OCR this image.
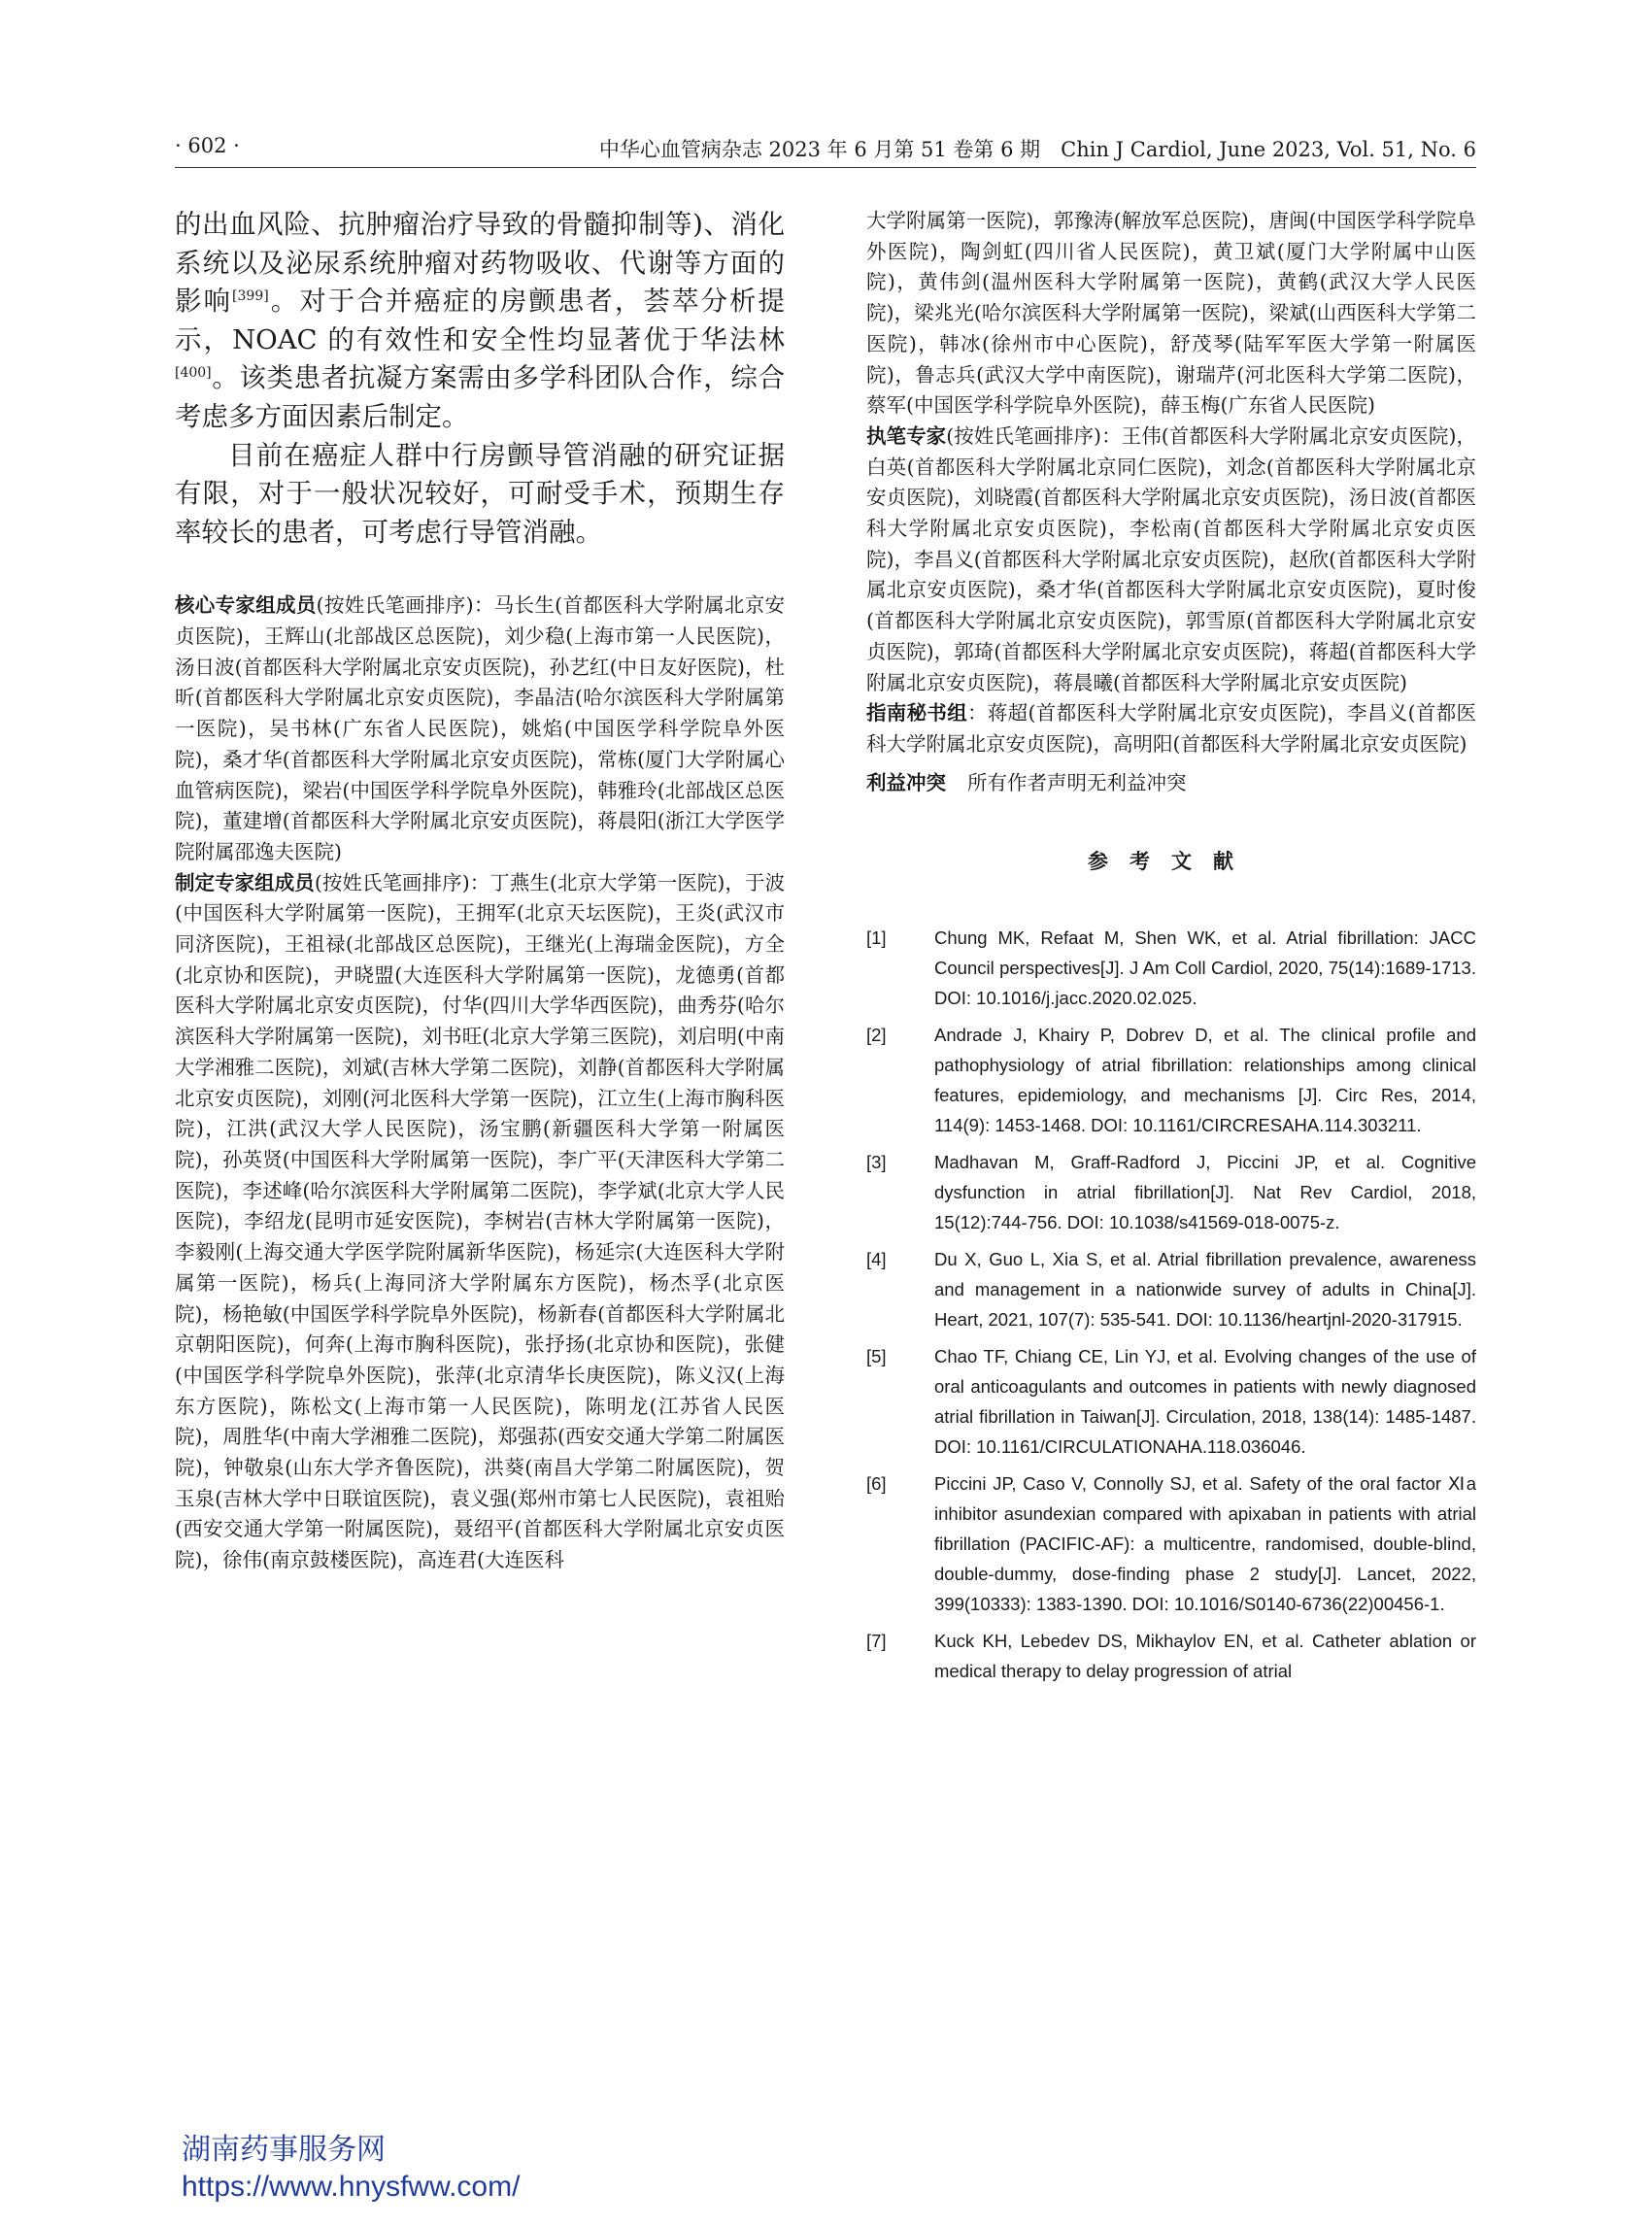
· 602 ·	中华心血管病杂志 2023 年 6 月第 51 卷第 6 期　Chin J Cardiol, June 2023, Vol. 51, No. 6

的出血风险、抗肿瘤治疗导致的骨髓抑制等)、消化系统以及泌尿系统肿瘤对药物吸收、代谢等方面的影响[399]。对于合并癌症的房颤患者，荟萃分析提示，NOAC 的有效性和安全性均显著优于华法林[400]。该类患者抗凝方案需由多学科团队合作，综合考虑多方面因素后制定。

目前在癌症人群中行房颤导管消融的研究证据有限，对于一般状况较好，可耐受手术，预期生存率较长的患者，可考虑行导管消融。

核心专家组成员(按姓氏笔画排序)：马长生(首都医科大学附属北京安贞医院)，王辉山(北部战区总医院)，刘少稳(上海市第一人民医院)，汤日波(首都医科大学附属北京安贞医院)，孙艺红(中日友好医院)，杜昕(首都医科大学附属北京安贞医院)，李晶洁(哈尔滨医科大学附属第一医院)，吴书林(广东省人民医院)，姚焰(中国医学科学院阜外医院)，桑才华(首都医科大学附属北京安贞医院)，常栋(厦门大学附属心血管病医院)，梁岩(中国医学科学院阜外医院)，韩雅玲(北部战区总医院)，董建增(首都医科大学附属北京安贞医院)，蒋晨阳(浙江大学医学院附属邵逸夫医院)

制定专家组成员(按姓氏笔画排序)：丁燕生(北京大学第一医院)，于波(中国医科大学附属第一医院)，王拥军(北京天坛医院)，王炎(武汉市同济医院)，王祖禄(北部战区总医院)，王继光(上海瑞金医院)，方全(北京协和医院)，尹晓盟(大连医科大学附属第一医院)，龙德勇(首都医科大学附属北京安贞医院)，付华(四川大学华西医院)，曲秀芬(哈尔滨医科大学附属第一医院)，刘书旺(北京大学第三医院)，刘启明(中南大学湘雅二医院)，刘斌(吉林大学第二医院)，刘静(首都医科大学附属北京安贞医院)，刘刚(河北医科大学第一医院)，江立生(上海市胸科医院)，江洪(武汉大学人民医院)，汤宝鹏(新疆医科大学第一附属医院)，孙英贤(中国医科大学附属第一医院)，李广平(天津医科大学第二医院)，李述峰(哈尔滨医科大学附属第二医院)，李学斌(北京大学人民医院)，李绍龙(昆明市延安医院)，李树岩(吉林大学附属第一医院)，李毅刚(上海交通大学医学院附属新华医院)，杨延宗(大连医科大学附属第一医院)，杨兵(上海同济大学附属东方医院)，杨杰孚(北京医院)，杨艳敏(中国医学科学院阜外医院)，杨新春(首都医科大学附属北京朝阳医院)，何奔(上海市胸科医院)，张抒扬(北京协和医院)，张健(中国医学科学院阜外医院)，张萍(北京清华长庚医院)，陈义汉(上海东方医院)，陈松文(上海市第一人民医院)，陈明龙(江苏省人民医院)，周胜华(中南大学湘雅二医院)，郑强荪(西安交通大学第二附属医院)，钟敬泉(山东大学齐鲁医院)，洪葵(南昌大学第二附属医院)，贺玉泉(吉林大学中日联谊医院)，袁义强(郑州市第七人民医院)，袁祖贻(西安交通大学第一附属医院)，聂绍平(首都医科大学附属北京安贞医院)，徐伟(南京鼓楼医院)，高连君(大连医科

大学附属第一医院)，郭豫涛(解放军总医院)，唐闽(中国医学科学院阜外医院)，陶剑虹(四川省人民医院)，黄卫斌(厦门大学附属中山医院)，黄伟剑(温州医科大学附属第一医院)，黄鹤(武汉大学人民医院)，梁兆光(哈尔滨医科大学附属第一医院)，梁斌(山西医科大学第二医院)，韩冰(徐州市中心医院)，舒茂琴(陆军军医大学第一附属医院)，鲁志兵(武汉大学中南医院)，谢瑞芹(河北医科大学第二医院)，蔡军(中国医学科学院阜外医院)，薛玉梅(广东省人民医院)

执笔专家(按姓氏笔画排序)：王伟(首都医科大学附属北京安贞医院)，白英(首都医科大学附属北京同仁医院)，刘念(首都医科大学附属北京安贞医院)，刘晓霞(首都医科大学附属北京安贞医院)，汤日波(首都医科大学附属北京安贞医院)，李松南(首都医科大学附属北京安贞医院)，李昌义(首都医科大学附属北京安贞医院)，赵欣(首都医科大学附属北京安贞医院)，桑才华(首都医科大学附属北京安贞医院)，夏时俊(首都医科大学附属北京安贞医院)，郭雪原(首都医科大学附属北京安贞医院)，郭琦(首都医科大学附属北京安贞医院)，蒋超(首都医科大学附属北京安贞医院)，蒋晨曦(首都医科大学附属北京安贞医院)

指南秘书组：蒋超(首都医科大学附属北京安贞医院)，李昌义(首都医科大学附属北京安贞医院)，高明阳(首都医科大学附属北京安贞医院)

利益冲突 所有作者声明无利益冲突

参考文献
[1]	Chung MK, Refaat M, Shen WK, et al. Atrial fibrillation: JACC Council perspectives[J]. J Am Coll Cardiol, 2020, 75(14):1689-1713. DOI: 10.1016/j.jacc.2020.02.025.
[2]	Andrade J, Khairy P, Dobrev D, et al. The clinical profile and pathophysiology of atrial fibrillation: relationships among clinical features, epidemiology, and mechanisms [J]. Circ Res, 2014, 114(9): 1453-1468. DOI: 10.1161/CIRCRESAHA.114.303211.
[3]	Madhavan M, Graff-Radford J, Piccini JP, et al. Cognitive dysfunction in atrial fibrillation[J]. Nat Rev Cardiol, 2018, 15(12):744-756. DOI: 10.1038/s41569-018-0075-z.
[4]	Du X, Guo L, Xia S, et al. Atrial fibrillation prevalence, awareness and management in a nationwide survey of adults in China[J]. Heart, 2021, 107(7): 535-541. DOI: 10.1136/heartjnl-2020-317915.
[5]	Chao TF, Chiang CE, Lin YJ, et al. Evolving changes of the use of oral anticoagulants and outcomes in patients with newly diagnosed atrial fibrillation in Taiwan[J]. Circulation, 2018, 138(14): 1485-1487. DOI: 10.1161/CIRCULATIONAHA.118.036046.
[6]	Piccini JP, Caso V, Connolly SJ, et al. Safety of the oral factor Ⅺa inhibitor asundexian compared with apixaban in patients with atrial fibrillation (PACIFIC-AF): a multicentre, randomised, double-blind, double-dummy, dose-finding phase 2 study[J]. Lancet, 2022, 399(10333): 1383-1390. DOI: 10.1016/S0140-6736(22)00456-1.
[7]	Kuck KH, Lebedev DS, Mikhaylov EN, et al. Catheter ablation or medical therapy to delay progression of atrial
湖南药事服务网
https://www.hnysfww.com/
